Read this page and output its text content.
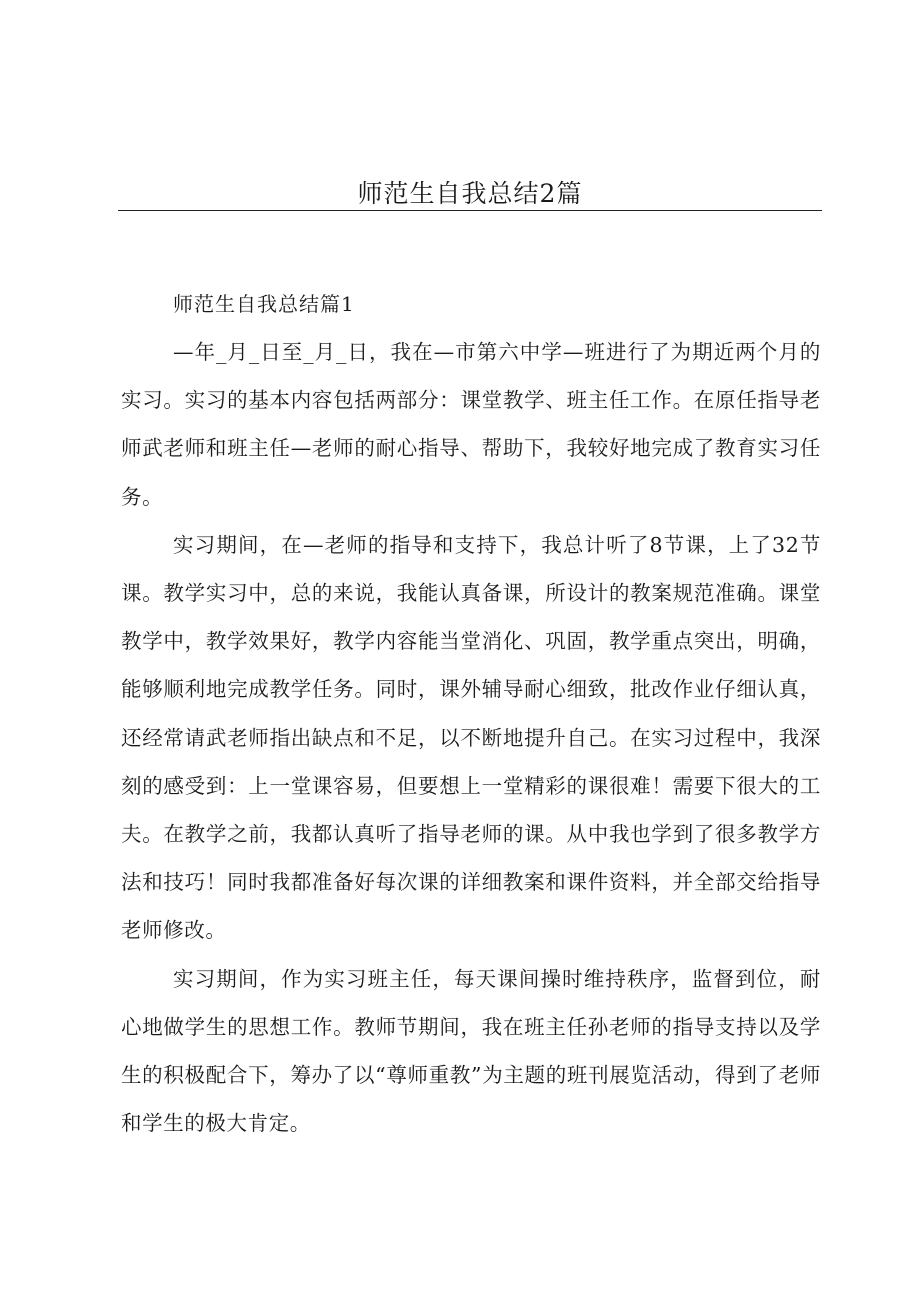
师范生自我总结2篇
师范生自我总结篇1

—年_月_日至_月_日，我在—市第六中学—班进行了为期近两个月的实习。实习的基本内容包括两部分：课堂教学、班主任工作。在原任指导老师武老师和班主任—老师的耐心指导、帮助下，我较好地完成了教育实习任务。

实习期间，在—老师的指导和支持下，我总计听了8节课，上了32节课。教学实习中，总的来说，我能认真备课，所设计的教案规范准确。课堂教学中，教学效果好，教学内容能当堂消化、巩固，教学重点突出，明确，能够顺利地完成教学任务。同时，课外辅导耐心细致，批改作业仔细认真，还经常请武老师指出缺点和不足，以不断地提升自己。在实习过程中，我深刻的感受到：上一堂课容易，但要想上一堂精彩的课很难！需要下很大的工夫。在教学之前，我都认真听了指导老师的课。从中我也学到了很多教学方法和技巧！同时我都准备好每次课的详细教案和课件资料，并全部交给指导老师修改。

实习期间，作为实习班主任，每天课间操时维持秩序，监督到位，耐心地做学生的思想工作。教师节期间，我在班主任孙老师的指导支持以及学生的积极配合下，筹办了以“尊师重教”为主题的班刊展览活动，得到了老师和学生的极大肯定。
